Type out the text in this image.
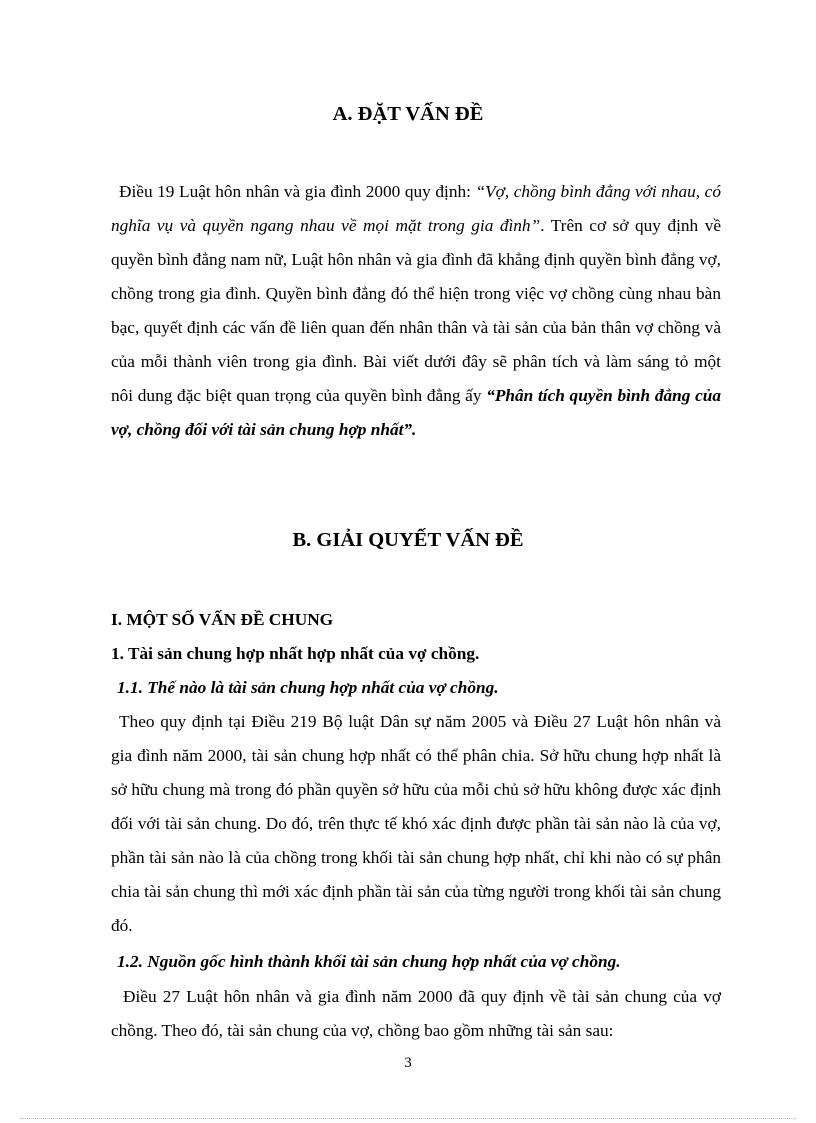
A. ĐẶT VẤN ĐỀ

Điều 19 Luật hôn nhân và gia đình 2000 quy định: “Vợ, chồng bình đẳng với nhau, có nghĩa vụ và quyền ngang nhau về mọi mặt trong gia đình”. Trên cơ sở quy định về quyền bình đẳng nam nữ, Luật hôn nhân và gia đình đã khẳng định quyền bình đẳng vợ, chồng trong gia đình. Quyền bình đẳng đó thể hiện trong việc vợ chồng cùng nhau bàn bạc, quyết định các vấn đề liên quan đến nhân thân và tài sản của bản thân vợ chồng và của mỗi thành viên trong gia đình. Bài viết dưới đây sẽ phân tích và làm sáng tỏ một nôi dung đặc biệt quan trọng của quyền bình đẳng ấy “Phân tích quyền bình đẳng của vợ, chồng đối với tài sản chung hợp nhất”.

B. GIẢI QUYẾT VẤN ĐỀ
I. MỘT SỐ VẤN ĐỀ CHUNG
1. Tài sản chung hợp nhất hợp nhất của vợ chồng.
1.1. Thế nào là tài sản chung hợp nhất của vợ chồng.

Theo quy định tại Điều 219 Bộ luật Dân sự năm 2005 và Điều 27 Luật hôn nhân và gia đình năm 2000, tài sản chung hợp nhất có thể phân chia. Sở hữu chung hợp nhất là sở hữu chung mà trong đó phần quyền sở hữu của mỗi chủ sở hữu không được xác định đối với tài sản chung. Do đó, trên thực tế khó xác định được phần tài sản nào là của vợ, phần tài sản nào là của chồng trong khối tài sản chung hợp nhất, chỉ khi nào có sự phân chia tài sản chung thì mới xác định phần tài sản của từng người trong khối tài sản chung đó.

1.2. Nguồn gốc hình thành khối tài sản chung hợp nhất của vợ chồng.

Điều 27 Luật hôn nhân và gia đình năm 2000 đã quy định về tài sản chung của vợ chồng. Theo đó, tài sản chung của vợ, chồng bao gồm những tài sản sau:

3
